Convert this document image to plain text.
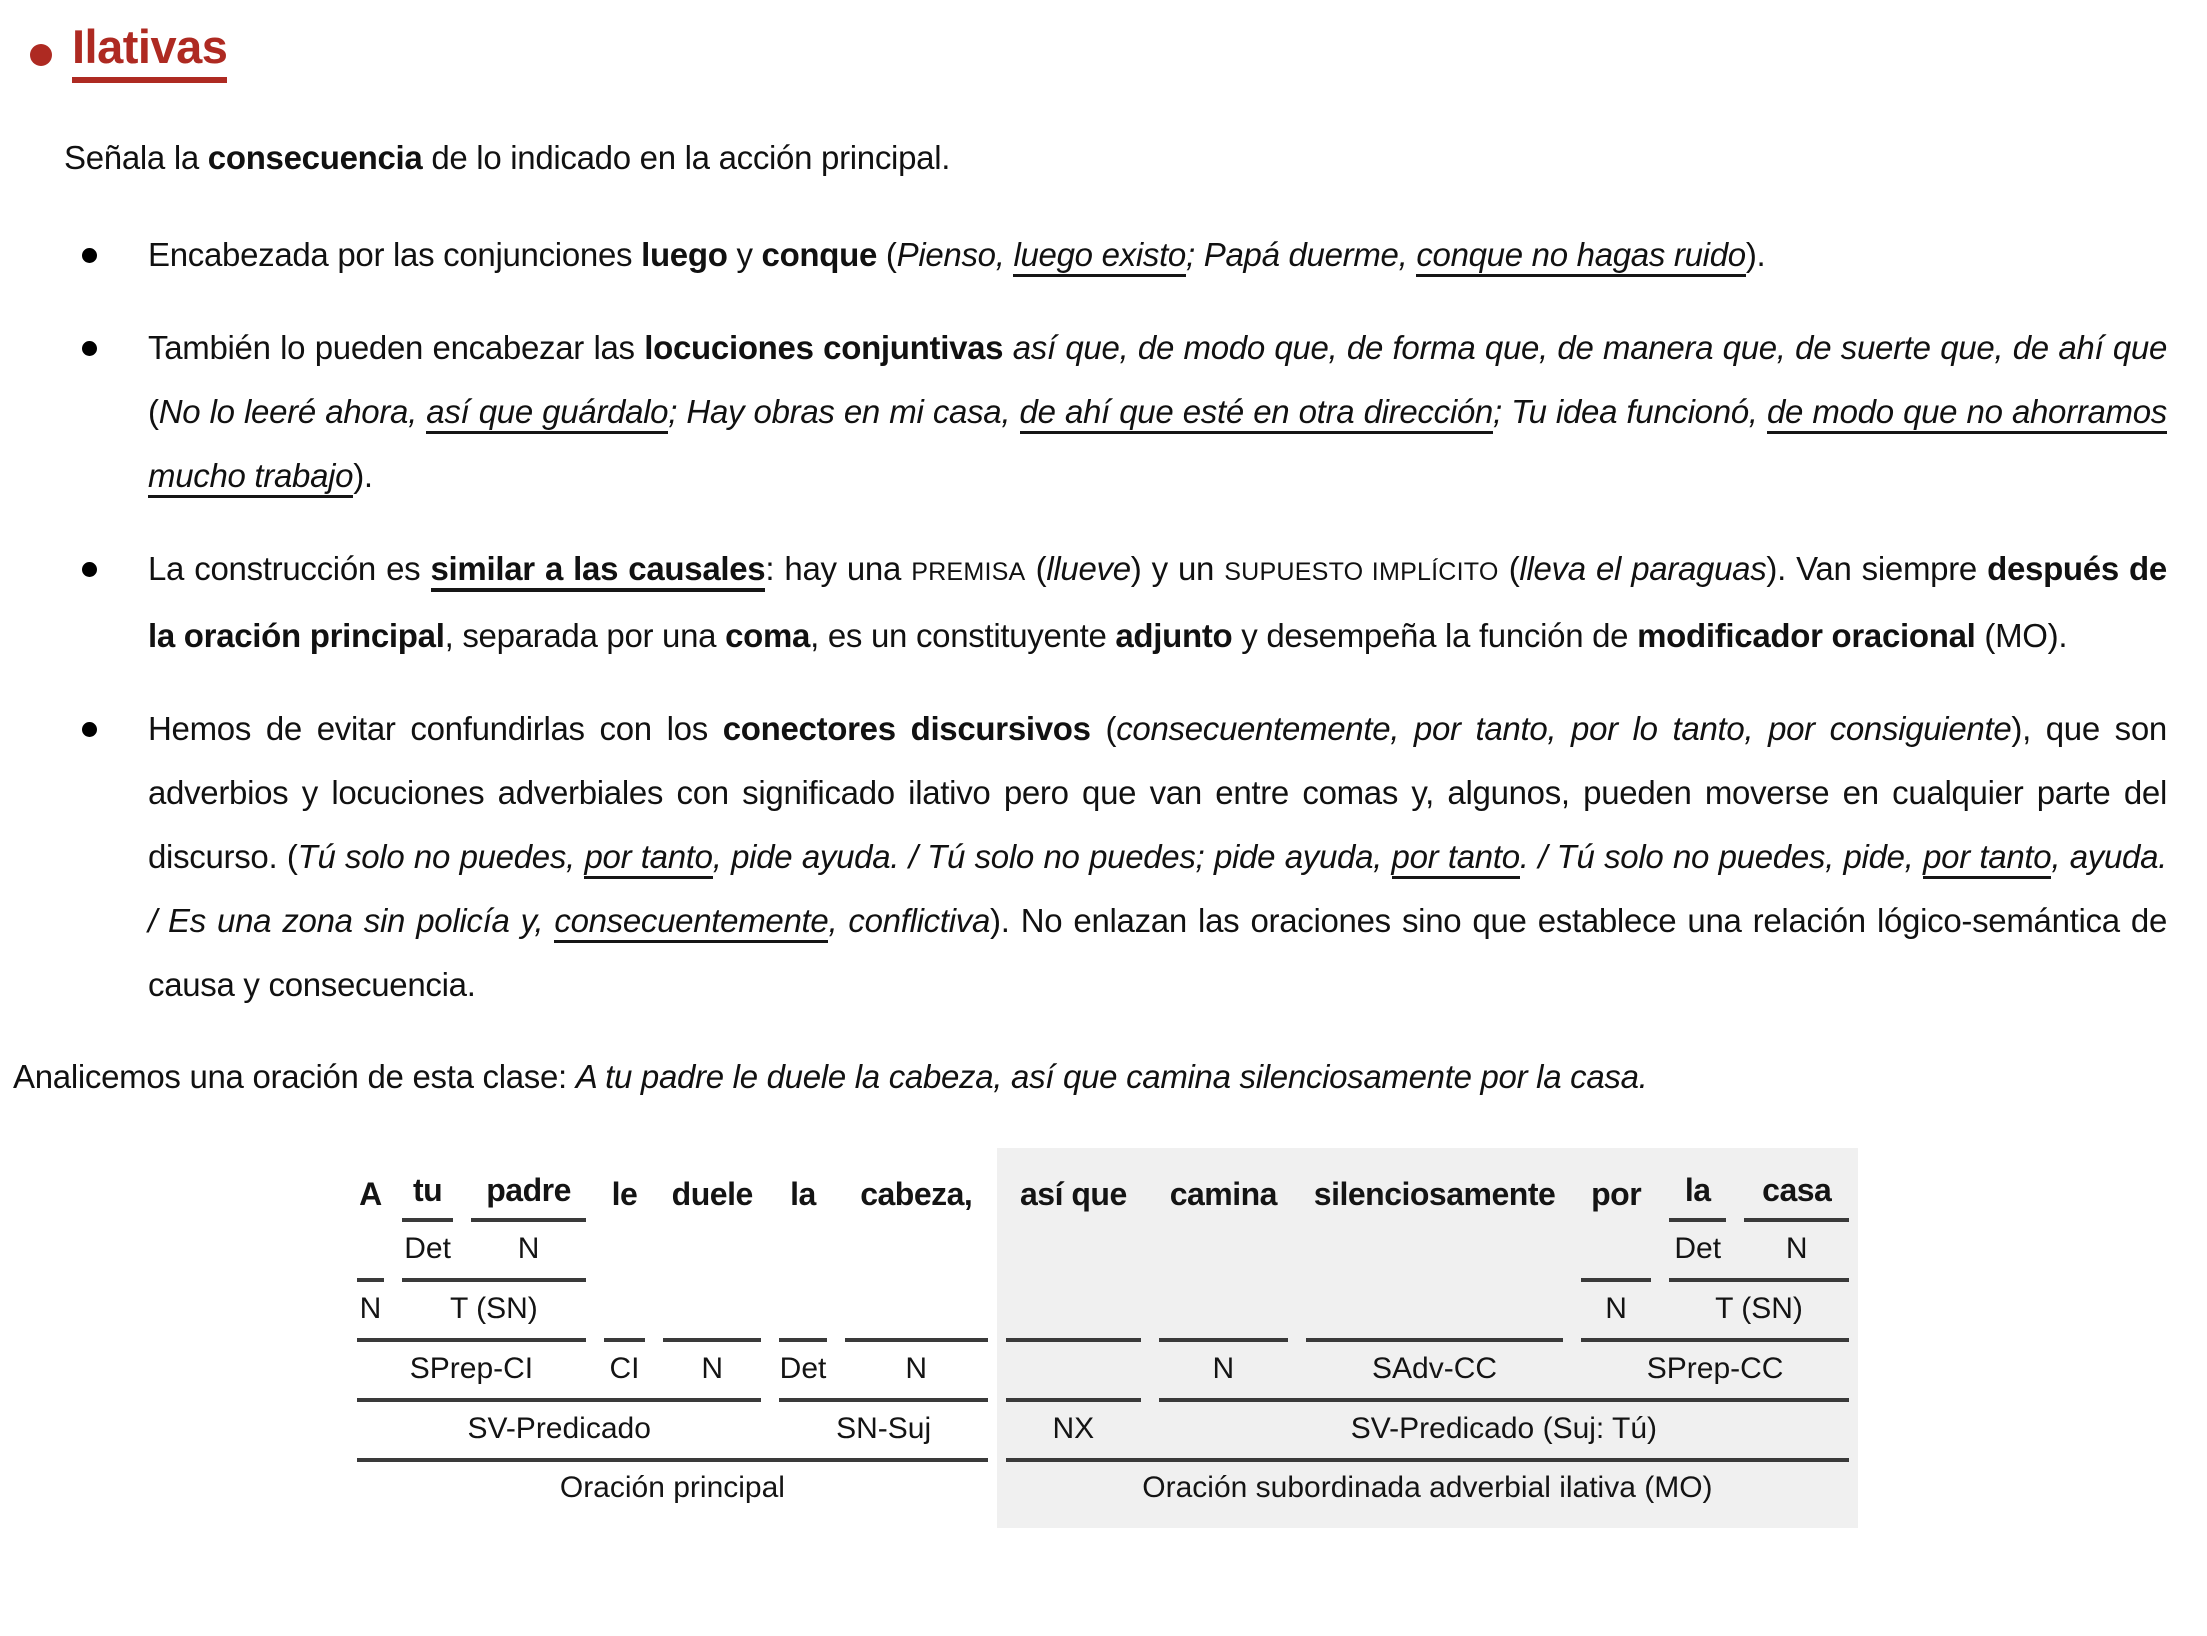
Ilativas

Señala la consecuencia de lo indicado en la acción principal.

Encabezada por las conjunciones luego y conque (Pienso, luego existo; Papá duerme, conque no hagas ruido).
También lo pueden encabezar las locuciones conjuntivas así que, de modo que, de forma que, de manera que, de suerte que, de ahí que (No lo leeré ahora, así que guárdalo; Hay obras en mi casa, de ahí que esté en otra dirección; Tu idea funcionó, de modo que no ahorramos mucho trabajo).
La construcción es similar a las causales: hay una PREMISA (llueve) y un SUPUESTO IMPLÍCITO (lleva el paraguas). Van siempre después de la oración principal, separada por una coma, es un constituyente adjunto y desempeña la función de modificador oracional (MO).
Hemos de evitar confundirlas con los conectores discursivos (consecuentemente, por tanto, por lo tanto, por consiguiente), que son adverbios y locuciones adverbiales con significado ilativo pero que van entre comas y, algunos, pueden moverse en cualquier parte del discurso. (Tú solo no puedes, por tanto, pide ayuda. / Tú solo no puedes; pide ayuda, por tanto. / Tú solo no puedes, pide, por tanto, ayuda. / Es una zona sin policía y, consecuentemente, conflictiva). No enlazan las oraciones sino que establece una relación lógico-semántica de causa y consecuencia.

Analicemos una oración de esta clase: A tu padre le duele la cabeza, así que camina silenciosamente por la casa.

A	tu	padre	le	duele	la	cabeza,	así que	camina	silenciosamente	por	la	casa

	Det	N									Det	N

N	T (SN)									N	T (SN)	

SPrep-CI			CI	N	Det	N		N	SAdv-CC	SPrep-CC		

SV-Predicado					SN-Suj		NX	SV-Predicado (Suj: Tú)				

Oración principal							Oración subordinada adverbial ilativa (MO)					
